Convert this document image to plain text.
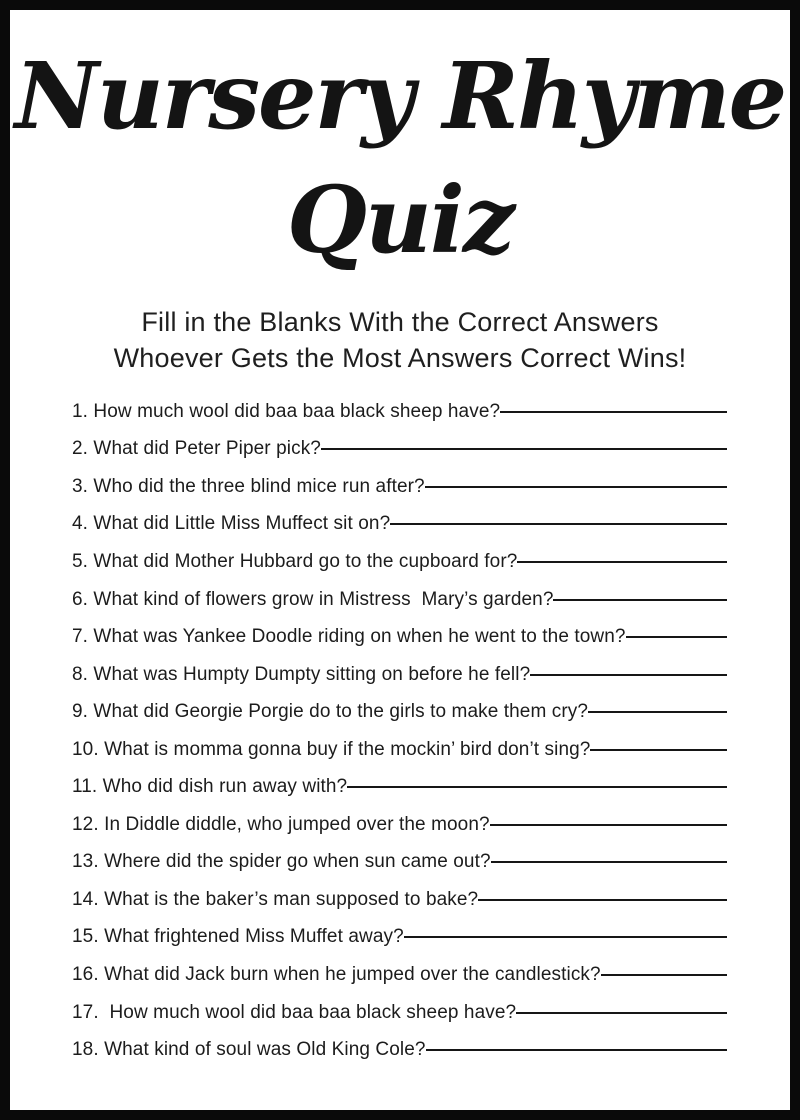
Nursery Rhyme
Quiz
Fill in the Blanks With the Correct Answers
Whoever Gets the Most Answers Correct Wins!
1. How much wool did baa baa black sheep have?
2. What did Peter Piper pick?
3. Who did the three blind mice run after?
4. What did Little Miss Muffect sit on?
5. What did Mother Hubbard go to the cupboard for?
6. What kind of flowers grow in Mistress  Mary’s garden?
7. What was Yankee Doodle riding on when he went to the town?
8. What was Humpty Dumpty sitting on before he fell?
9. What did Georgie Porgie do to the girls to make them cry?
10. What is momma gonna buy if the mockin’ bird don’t sing?
11. Who did dish run away with?
12. In Diddle diddle, who jumped over the moon?
13. Where did the spider go when sun came out?
14. What is the baker’s man supposed to bake?
15. What frightened Miss Muffet away?
16. What did Jack burn when he jumped over the candlestick?
17.  How much wool did baa baa black sheep have?
18. What kind of soul was Old King Cole?
